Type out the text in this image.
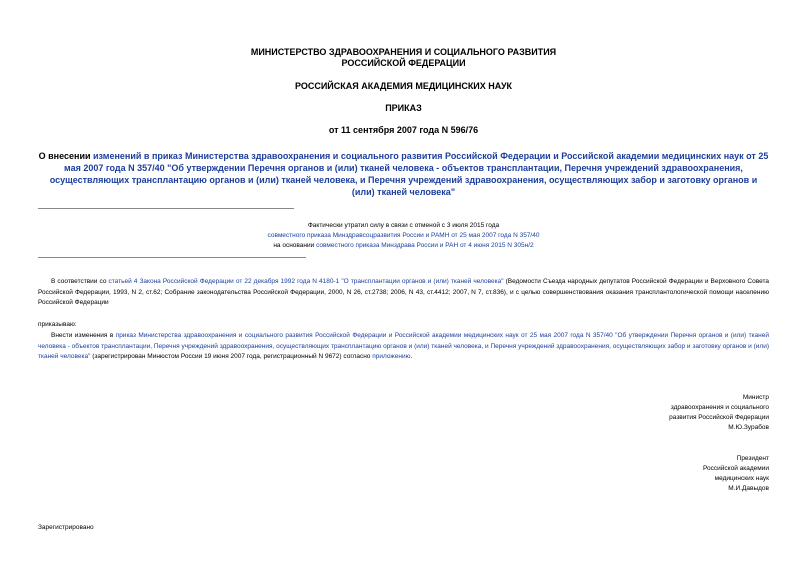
МИНИСТЕРСТВО ЗДРАВООХРАНЕНИЯ И СОЦИАЛЬНОГО РАЗВИТИЯ
РОССИЙСКОЙ ФЕДЕРАЦИИ
РОССИЙСКАЯ АКАДЕМИЯ МЕДИЦИНСКИХ НАУК
ПРИКАЗ
от 11 сентября 2007 года N 596/76
О внесении изменений в приказ Министерства здравоохранения и социального развития Российской Федерации и Российской академии медицинских наук от 25 мая 2007 года N 357/40 "Об утверждении Перечня органов и (или) тканей человека - объектов трансплантации, Перечня учреждений здравоохранения, осуществляющих трансплантацию органов и (или) тканей человека, и Перечня учреждений здравоохранения, осуществляющих забор и заготовку органов и (или) тканей человека"
Фактически утратил силу в связи с отменой с 3 июля 2015 года
совместного приказа Минздравсоцразвития России и РАМН от 25 мая 2007 года N 357/40
на основании совместного приказа Минздрава России и РАН от 4 июня 2015 N 305н/2
В соответствии со статьей 4 Закона Российской Федерации от 22 декабря 1992 года N 4180-1 "О трансплантации органов и (или) тканей человека" (Ведомости Съезда народных депутатов Российской Федерации и Верховного Совета Российской Федерации, 1993, N 2, ст.62; Собрание законодательства Российской Федерации, 2000, N 26, ст.2738; 2006, N 43, ст.4412; 2007, N 7, ст.836), и с целью совершенствования оказания трансплантологической помощи населению Российской Федерации
приказываю:
Внести изменения в приказ Министерства здравоохранения и социального развития Российской Федерации и Российской академии медицинских наук от 25 мая 2007 года N 357/40 "Об утверждении Перечня органов и (или) тканей человека - объектов трансплантации, Перечня учреждений здравоохранения, осуществляющих трансплантацию органов и (или) тканей человека, и Перечня учреждений здравоохранения, осуществляющих забор и заготовку органов и (или) тканей человека" (зарегистрирован Минюстом России 19 июня 2007 года, регистрационный N 9672) согласно приложению.
Министр
здравоохранения и социального
развития Российской Федерации
М.Ю.Зурабов
Президент
Российской академии
медицинских наук
М.И.Давыдов
Зарегистрировано
